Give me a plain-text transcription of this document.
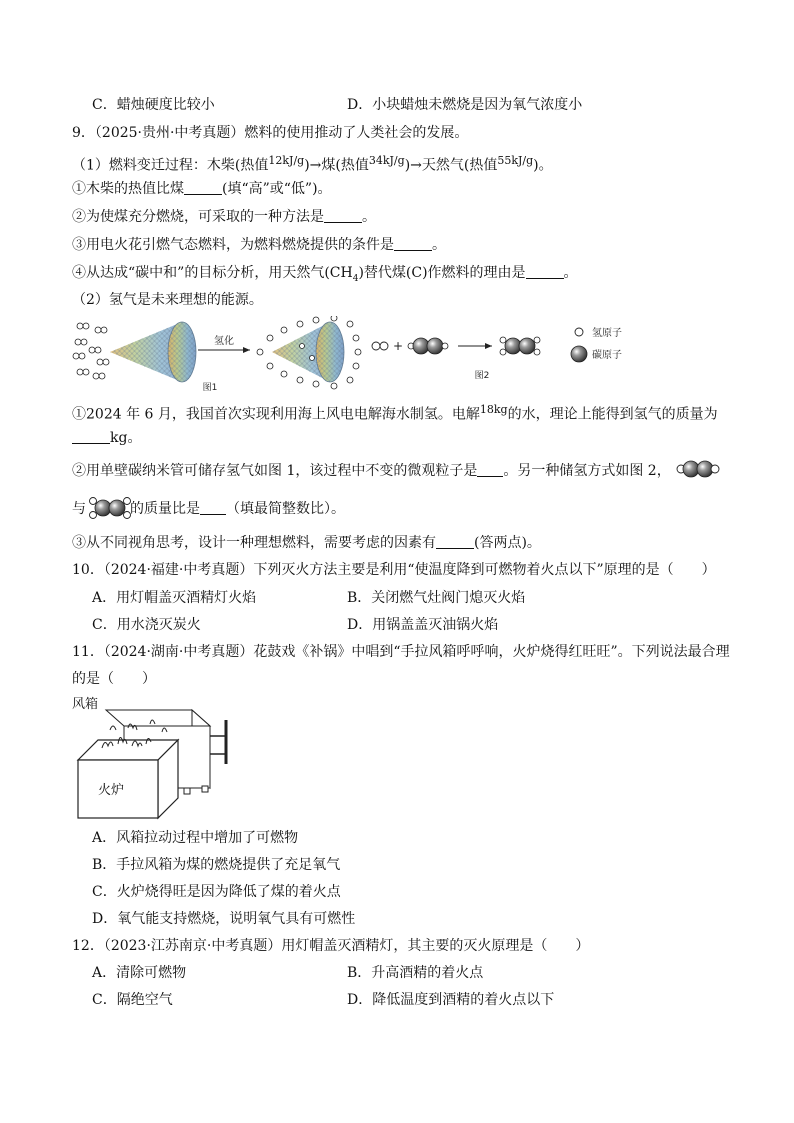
C．蜡烛硬度比较小	D．小块蜡烛未燃烧是因为氧气浓度小
9．（2025·贵州·中考真题）燃料的使用推动了人类社会的发展。
（1）燃料变迁过程：木柴(热值$^{12kJ/g}$)→煤(热值$^{34kJ/g}$)→天然气(热值$^{55kJ/g}$)。
①木柴的热值比煤	(填“高”或“低”)。
②为使煤充分燃烧，可采取的一种方法是	。
③用电火花引燃气态燃料，为燃料燃烧提供的条件是	。
④从达成“碳中和”的目标分析，用天然气$(CH_4)$替代煤(C)作燃料的理由是	。
（2）氢气是未来理想的能源。
氢化
图1
+
图2
氢原子
碳原子
①2024 年 6 月，我国首次实现利用海上风电电解海水制氢。电解$^{18kg}$的水，理论上能得到氢气的质量为
kg。
②用单壁碳纳米管可储存氢气如图 1，该过程中不变的微观粒子是 。另一种储氢方式如图 2，
与	的质量比是 （填最简整数比）。
③从不同视角思考，设计一种理想燃料，需要考虑的因素有	(答两点)。
10．（2024·福建·中考真题）下列灭火方法主要是利用“使温度降到可燃物着火点以下”原理的是（　　）
A．用灯帽盖灭酒精灯火焰	B．关闭燃气灶阀门熄灭火焰
C．用水浇灭炭火	D．用锅盖盖灭油锅火焰
11．（2024·湖南·中考真题）花鼓戏《补锅》中唱到“手拉风箱呼呼响，火炉烧得红旺旺”。下列说法最合理
的是（　　）
风箱
火炉
A．风箱拉动过程中增加了可燃物
B．手拉风箱为煤的燃烧提供了充足氧气
C．火炉烧得旺是因为降低了煤的着火点
D．氧气能支持燃烧，说明氧气具有可燃性
12．（2023·江苏南京·中考真题）用灯帽盖灭酒精灯，其主要的灭火原理是（　　）
A．清除可燃物	B．升高酒精的着火点
C．隔绝空气	D．降低温度到酒精的着火点以下
